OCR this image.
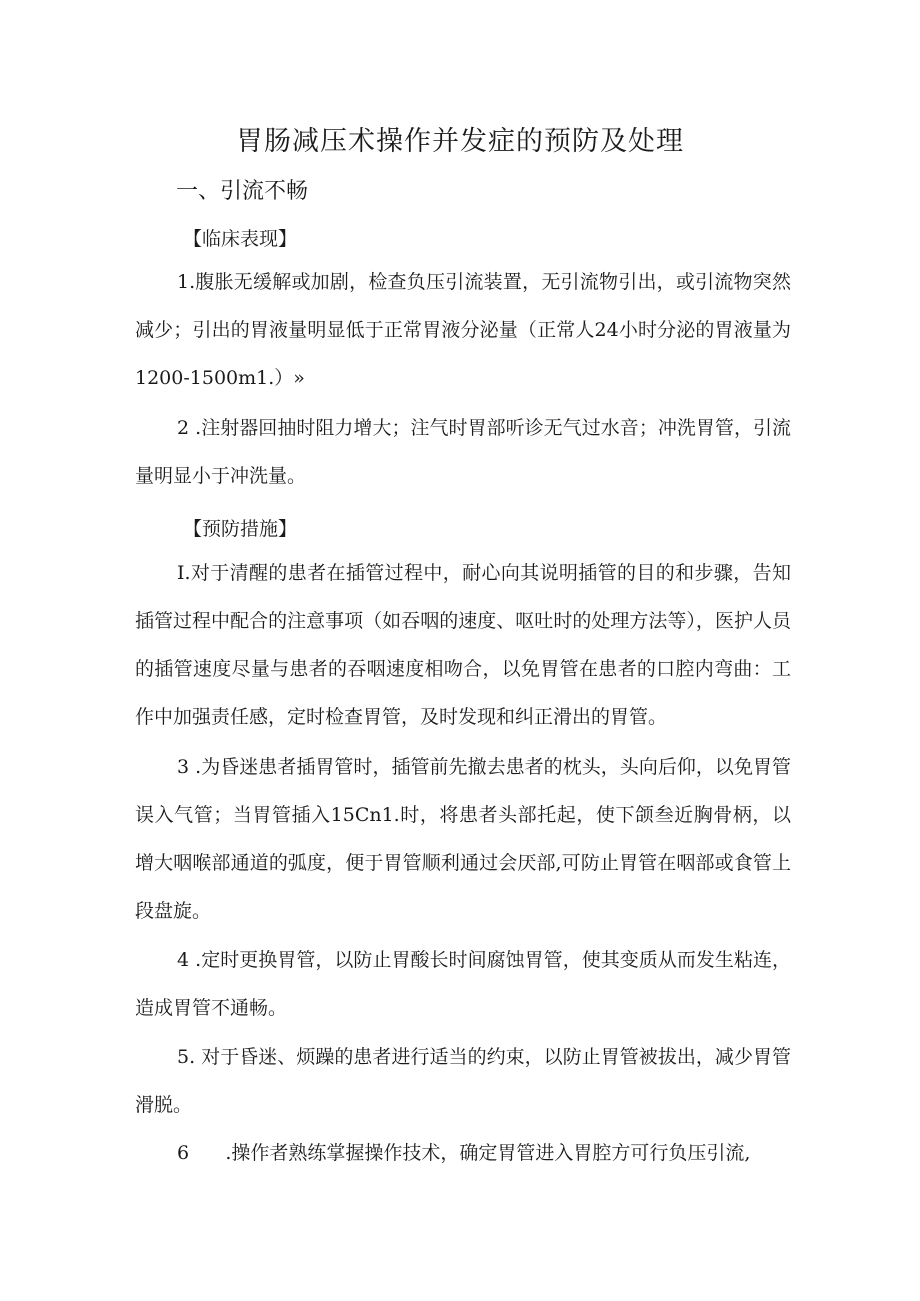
胃肠减压术操作并发症的预防及处理
一、引流不畅

【临床表现】

1.腹胀无缓解或加剧，检查负压引流装置，无引流物引出，或引流物突然减少；引出的胃液量明显低于正常胃液分泌量（正常人24小时分泌的胃液量为1200-1500m1.）»

2 .注射器回抽时阻力增大；注气时胃部听诊无气过水音；冲洗胃管，引流量明显小于冲洗量。

【预防措施】

I.对于清醒的患者在插管过程中，耐心向其说明插管的目的和步骤，告知插管过程中配合的注意事项（如吞咽的速度、呕吐时的处理方法等），医护人员的插管速度尽量与患者的吞咽速度相吻合，以免胃管在患者的口腔内弯曲：工作中加强责任感，定时检查胃管，及时发现和纠正滑出的胃管。

3 .为昏迷患者插胃管时，插管前先撤去患者的枕头，头向后仰，以免胃管误入气管；当胃管插入15Cn1.时，将患者头部托起，使下颌叁近胸骨柄，以增大咽喉部通道的弧度，便于胃管顺利通过会厌部,可防止胃管在咽部或食管上段盘旋。

4 .定时更换胃管，以防止胃酸长时间腐蚀胃管，使其变质从而发生粘连，造成胃管不通畅。

5. 对于昏迷、烦躁的患者进行适当的约束，以防止胃管被拔出，减少胃管滑脱。

6      .操作者熟练掌握操作技术，确定胃管进入胃腔方可行负压引流,
